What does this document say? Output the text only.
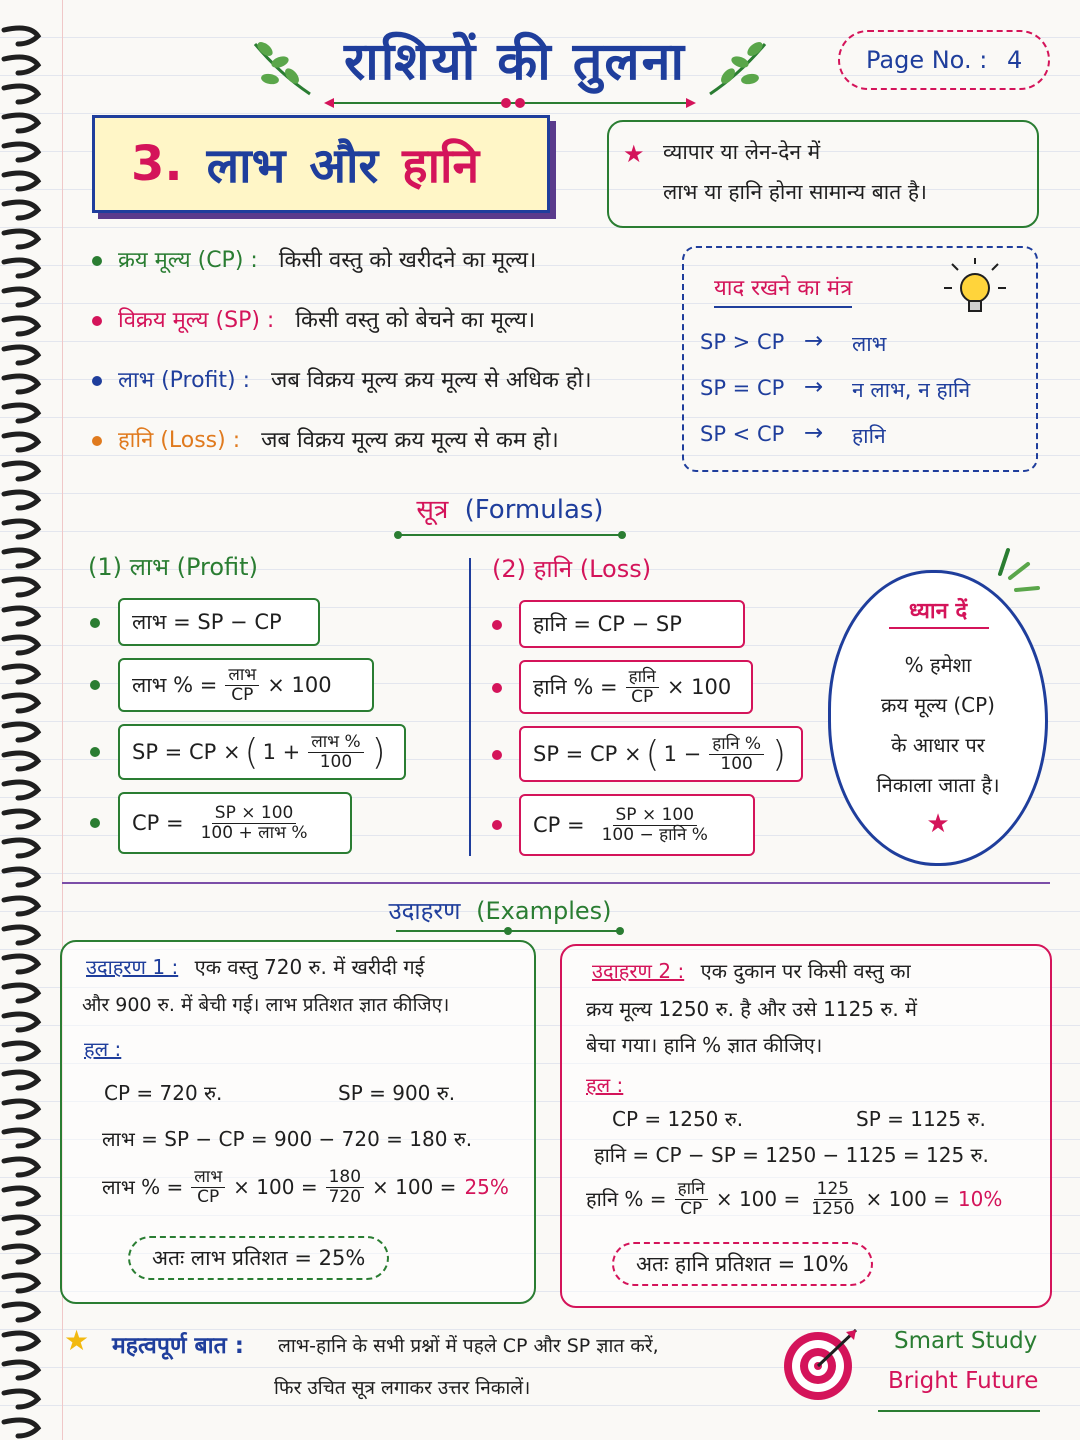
राशियों की तुलना	Page No. : 4
3. लाभ और हानि	★ व्यापार या लेन-देन में
लाभ या हानि होना सामान्य बात है।
क्रय मूल्य (CP) : किसी वस्तु को खरीदने का मूल्य।
विक्रय मूल्य (SP) : किसी वस्तु को बेचने का मूल्य।
लाभ (Profit) : जब विक्रय मूल्य क्रय मूल्य से अधिक हो।
हानि (Loss) : जब विक्रय मूल्य क्रय मूल्य से कम हो।
याद रखने का मंत्र
SP > CP → लाभ
SP = CP → न लाभ, न हानि
SP < CP → हानि
सूत्र (Formulas)
(1) लाभ (Profit)
लाभ = SP − CP
लाभ % = $\frac{\text{लाभ}}{CP} \times 100$
SP = CP × ( $1 + \frac{\text{लाभ \%}}{100}$ )
CP = $\frac{SP \times 100}{\text{100 + लाभ \%}}$
(2) हानि (Loss)
हानि = CP − SP
हानि % = $\frac{\text{हानि}}{CP} \times 100$
SP = CP × ( $1 - \frac{\text{हानि \%}}{100}$ )
CP = $\frac{SP \times 100}{\text{100 − हानि \%}}$
ध्यान दें
% हमेशा
क्रय मूल्य (CP)
के आधार पर
निकाला जाता है।
★
उदाहरण (Examples)
उदाहरण 1 : एक वस्तु 720 रु. में खरीदी गई
और 900 रु. में बेची गई। लाभ प्रतिशत ज्ञात कीजिए।
हल :
CP = 720 रु.	SP = 900 रु.
लाभ = SP − CP = 900 − 720 = 180 रु.
लाभ % = $\frac{\text{लाभ}}{CP} \times 100 = \frac{180}{720} \times 100 = 25\%$
अतः लाभ प्रतिशत = 25%
उदाहरण 2 : एक दुकान पर किसी वस्तु का
क्रय मूल्य 1250 रु. है और उसे 1125 रु. में
बेचा गया। हानि % ज्ञात कीजिए।
हल :
CP = 1250 रु.	SP = 1125 रु.
हानि = CP − SP = 1250 − 1125 = 125 रु.
हानि % = $\frac{\text{हानि}}{CP} \times 100 = \frac{125}{1250} \times 100 = 10\%$
अतः हानि प्रतिशत = 10%
★ महत्वपूर्ण बात : लाभ-हानि के सभी प्रश्नों में पहले CP और SP ज्ञात करें,
फिर उचित सूत्र लगाकर उत्तर निकालें।
Smart Study
Bright Future
